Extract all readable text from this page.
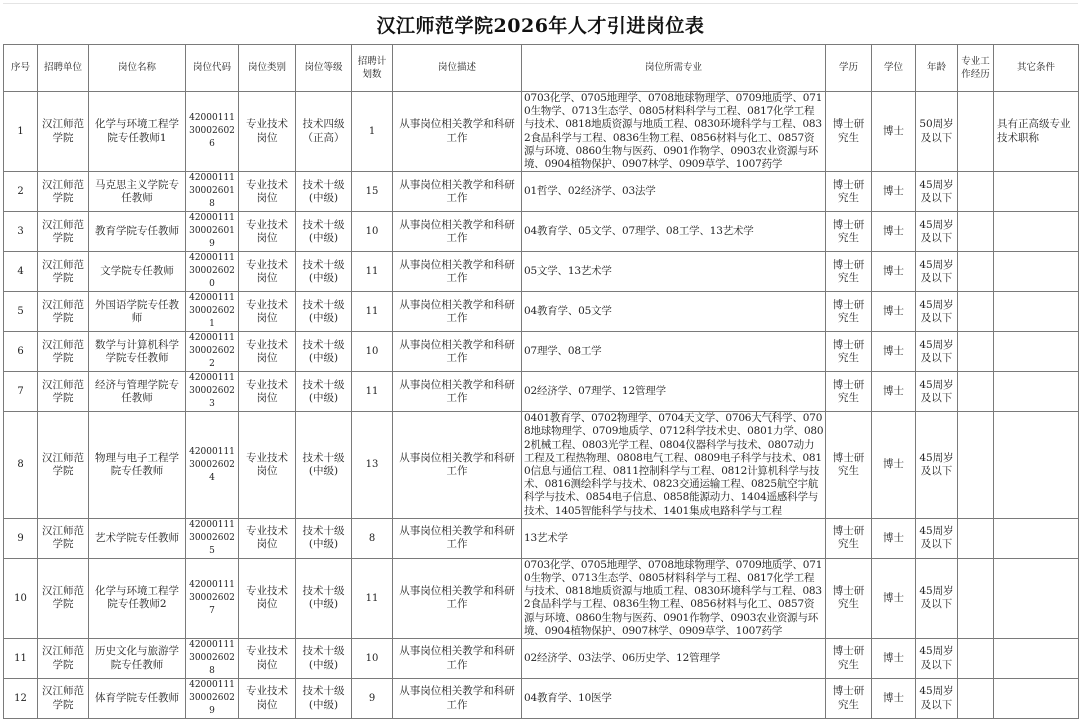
汉江师范学院2026年人才引进岗位表
序号	招聘单位	岗位名称	岗位代码	岗位类别	岗位等级	招聘计划数	岗位描述	岗位所需专业	学历	学位	年龄	专业工作经历	其它条件
1	汉江师范学院	化学与环境工程学院专任教师1	42000111300026026	专业技术岗位	技术四级（正高）	1	从事岗位相关教学和科研工作	0703化学、0705地理学、0708地球物理学、0709地质学、0710生物学、0713生态学、0805材料科学与工程、0817化学工程与技术、0818地质资源与地质工程、0830环境科学与工程、0832食品科学与工程、0836生物工程、0856材料与化工、0857资源与环境、0860生物与医药、0901作物学、0903农业资源与环境、0904植物保护、0907林学、0909草学、1007药学	博士研究生	博士	50周岁及以下		具有正高级专业技术职称
2	汉江师范学院	马克思主义学院专任教师	42000111300026018	专业技术岗位	技术十级(中级)	15	从事岗位相关教学和科研工作	01哲学、02经济学、03法学	博士研究生	博士	45周岁及以下		
3	汉江师范学院	教育学院专任教师	42000111300026019	专业技术岗位	技术十级(中级)	10	从事岗位相关教学和科研工作	04教育学、05文学、07理学、08工学、13艺术学	博士研究生	博士	45周岁及以下		
4	汉江师范学院	文学院专任教师	42000111300026020	专业技术岗位	技术十级(中级)	11	从事岗位相关教学和科研工作	05文学、13艺术学	博士研究生	博士	45周岁及以下		
5	汉江师范学院	外国语学院专任教师	42000111300026021	专业技术岗位	技术十级(中级)	11	从事岗位相关教学和科研工作	04教育学、05文学	博士研究生	博士	45周岁及以下		
6	汉江师范学院	数学与计算机科学学院专任教师	42000111300026022	专业技术岗位	技术十级(中级)	10	从事岗位相关教学和科研工作	07理学、08工学	博士研究生	博士	45周岁及以下		
7	汉江师范学院	经济与管理学院专任教师	42000111300026023	专业技术岗位	技术十级(中级)	11	从事岗位相关教学和科研工作	02经济学、07理学、12管理学	博士研究生	博士	45周岁及以下		
8	汉江师范学院	物理与电子工程学院专任教师	42000111300026024	专业技术岗位	技术十级(中级)	13	从事岗位相关教学和科研工作	0401教育学、0702物理学、0704天文学、0706大气科学、0708地球物理学、0709地质学、0712科学技术史、0801力学、0802机械工程、0803光学工程、0804仪器科学与技术、0807动力工程及工程热物理、0808电气工程、0809电子科学与技术、0810信息与通信工程、0811控制科学与工程、0812计算机科学与技术、0816测绘科学与技术、0823交通运输工程、0825航空宇航科学与技术、0854电子信息、0858能源动力、1404遥感科学与技术、1405智能科学与技术、1401集成电路科学与工程	博士研究生	博士	45周岁及以下		
9	汉江师范学院	艺术学院专任教师	42000111300026025	专业技术岗位	技术十级(中级)	8	从事岗位相关教学和科研工作	13艺术学	博士研究生	博士	45周岁及以下		
10	汉江师范学院	化学与环境工程学院专任教师2	42000111300026027	专业技术岗位	技术十级(中级)	11	从事岗位相关教学和科研工作	0703化学、0705地理学、0708地球物理学、0709地质学、0710生物学、0713生态学、0805材料科学与工程、0817化学工程与技术、0818地质资源与地质工程、0830环境科学与工程、0832食品科学与工程、0836生物工程、0856材料与化工、0857资源与环境、0860生物与医药、0901作物学、0903农业资源与环境、0904植物保护、0907林学、0909草学、1007药学	博士研究生	博士	45周岁及以下		
11	汉江师范学院	历史文化与旅游学院专任教师	42000111300026028	专业技术岗位	技术十级(中级)	10	从事岗位相关教学和科研工作	02经济学、03法学、06历史学、12管理学	博士研究生	博士	45周岁及以下		
12	汉江师范学院	体育学院专任教师	42000111300026029	专业技术岗位	技术十级(中级)	9	从事岗位相关教学和科研工作	04教育学、10医学	博士研究生	博士	45周岁及以下		
